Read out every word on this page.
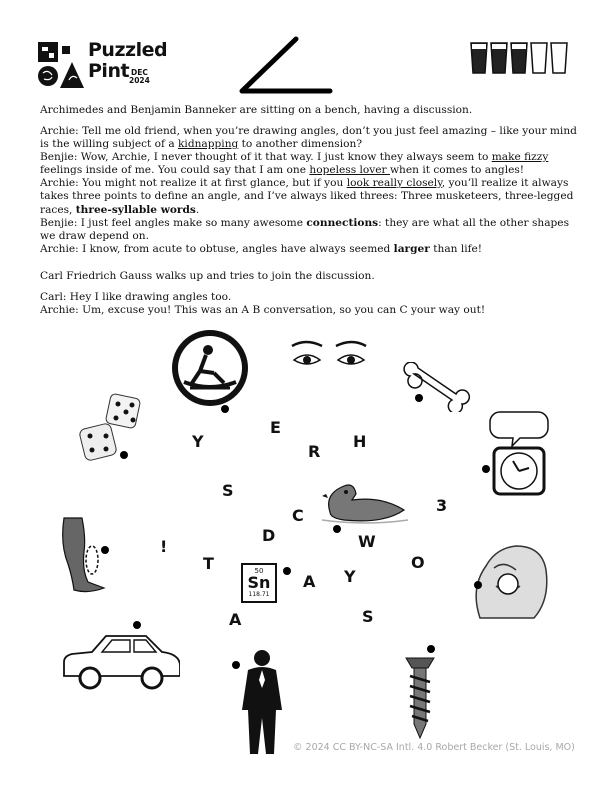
Puzzled
Pint DEC
2024

Archimedes and Benjamin Banneker are sitting on a bench, having a discussion.

Archie: Tell me old friend, when you’re drawing angles, don’t you just feel amazing – like your mind is the willing subject of a kidnapping to another dimension?

Benjie: Wow, Archie, I never thought of it that way. I just know they always seem to make fizzy feelings inside of me. You could say that I am one hopeless lover when it comes to angles!

Archie: You might not realize it at first glance, but if you look really closely, you’ll realize it always takes three points to define an angle, and I’ve always liked threes: Three musketeers, three-legged races, three-syllable words.

Benjie: I just feel angles make so many awesome connections: they are what all the other shapes we draw depend on.

Archie: I know, from acute to obtuse, angles have always seemed larger than life!

Carl Friedrich Gauss walks up and tries to join the discussion.

Carl: Hey I like drawing angles too.

Archie: Um, excuse you! This was an A B conversation, so you can C your way out!

50
Sn
118.71
Y
E
R
H
S
C
D	W
3
!
T
A Y
O
A	S
© 2024 CC BY-NC-SA Intl. 4.0 Robert Becker (St. Louis, MO)
